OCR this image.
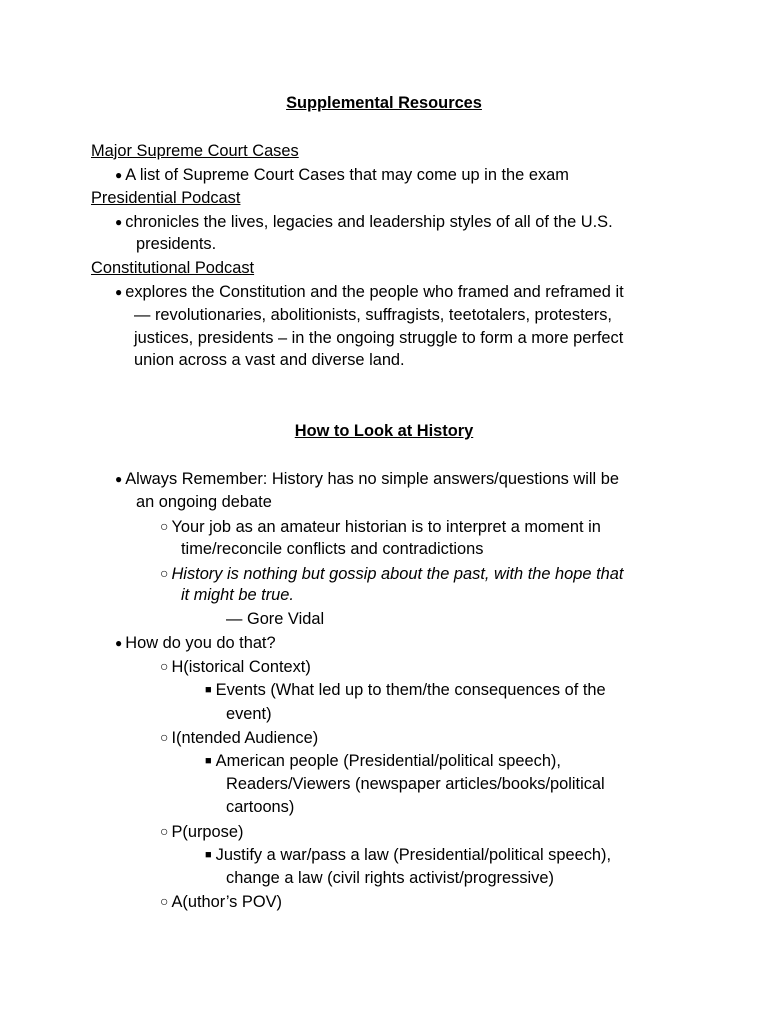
Supplemental Resources
Major Supreme Court Cases
● A list of Supreme Court Cases that may come up in the exam
Presidential Podcast
● chronicles the lives, legacies and leadership styles of all of the U.S.
presidents.
Constitutional Podcast
● explores the Constitution and the people who framed and reframed it
— revolutionaries, abolitionists, suffragists, teetotalers, protesters,
justices, presidents – in the ongoing struggle to form a more perfect
union across a vast and diverse land.
How to Look at History
● Always Remember: History has no simple answers/questions will be
an ongoing debate
○ Your job as an amateur historian is to interpret a moment in
time/reconcile conflicts and contradictions
○ History is nothing but gossip about the past, with the hope that
it might be true.
— Gore Vidal
● How do you do that?
○ H(istorical Context)
■ Events (What led up to them/the consequences of the
event)
○ I(ntended Audience)
■ American people (Presidential/political speech),
Readers/Viewers (newspaper articles/books/political
cartoons)
○ P(urpose)
■ Justify a war/pass a law (Presidential/political speech),
change a law (civil rights activist/progressive)
○ A(uthor’s POV)
